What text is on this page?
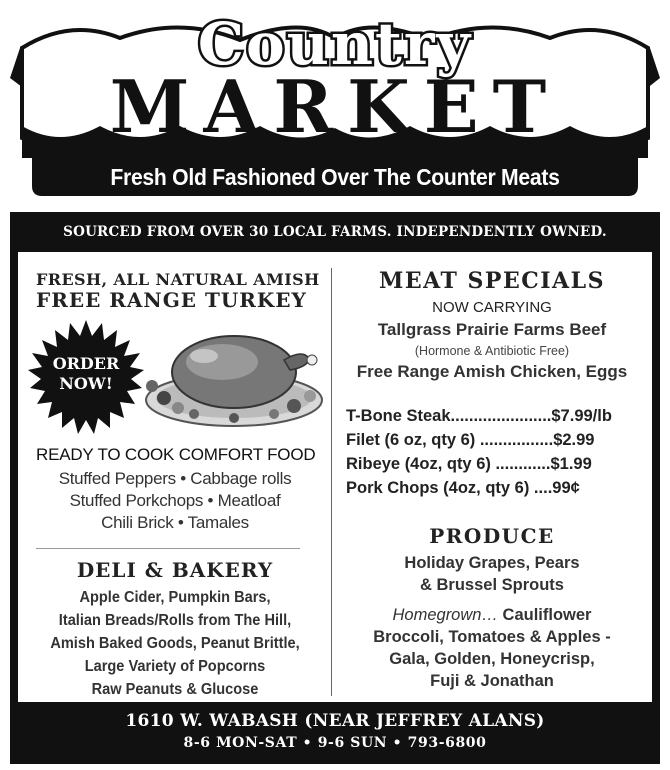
MARKET
Country
Fresh Old Fashioned Over The Counter Meats
SOURCED FROM OVER 30 LOCAL FARMS. INDEPENDENTLY OWNED.
FRESH, ALL NATURAL AMISH
FREE RANGE TURKEY
ORDER
NOW!
READY TO COOK COMFORT FOOD
Stuffed Peppers • Cabbage rolls
Stuffed Porkchops • Meatloaf
Chili Brick • Tamales
DELI & BAKERY
Apple Cider, Pumpkin Bars,
Italian Breads/Rolls from The Hill,
Amish Baked Goods, Peanut Brittle,
Large Variety of Popcorns
Raw Peanuts & Glucose
MEAT SPECIALS
NOW CARRYING
Tallgrass Prairie Farms Beef
(Hormone & Antibiotic Free)
Free Range Amish Chicken, Eggs
T-Bone Steak......................$7.99/lb
Filet (6 oz, qty 6) ................$2.99
Ribeye (4oz, qty 6) ............$1.99
Pork Chops (4oz, qty 6) ....99¢
PRODUCE
Holiday Grapes, Pears
& Brussel Sprouts
Homegrown… Cauliflower
Broccoli, Tomatoes & Apples -
Gala, Golden, Honeycrisp,
Fuji & Jonathan
1610 W. WABASH (NEAR JEFFREY ALANS)
8-6 MON-SAT • 9-6 SUN • 793-6800
